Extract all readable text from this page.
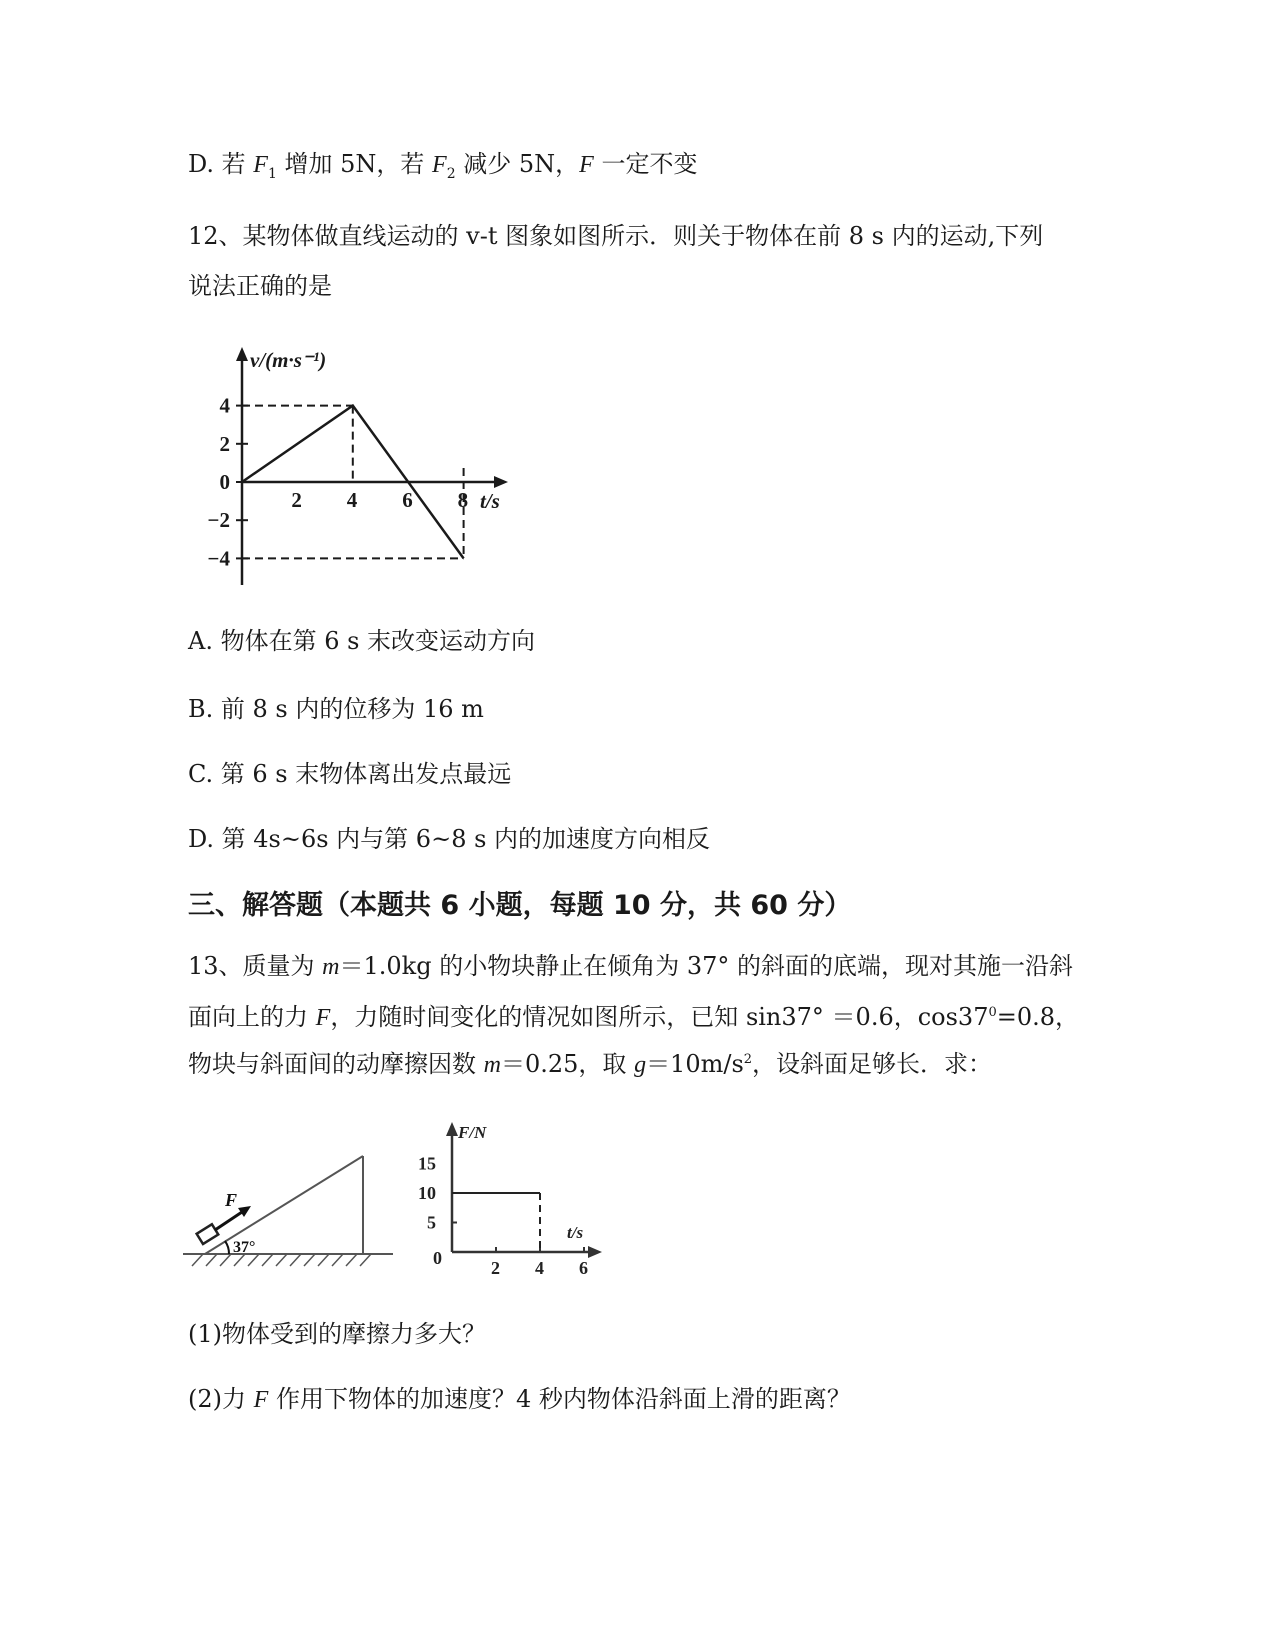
D. 若 $F_1$ 增加 5N，若 $F_2$ 减少 5N，F 一定不变
12、某物体做直线运动的 v-t 图象如图所示．则关于物体在前 8 s 内的运动,下列
说法正确的是
2 4 6 8
4
2
0
−2
−4
v/(m·s⁻¹)
t/s
A. 物体在第 6 s 末改变运动方向
B. 前 8 s 内的位移为 16 m
C. 第 6 s 末物体离出发点最远
D. 第 4s~6s 内与第 6~8 s 内的加速度方向相反
三、解答题（本题共 6 小题，每题 10 分，共 60 分）
13、质量为 m＝1.0kg 的小物块静止在倾角为 37° 的斜面的底端，现对其施一沿斜
面向上的力 F，力随时间变化的情况如图所示，已知 sin37° ＝0.6，$\cos 37^0=0.8$，
物块与斜面间的动摩擦因数 m＝0.25，取 $g=10m/s^2$，设斜面足够长．求：
F
37°
15
10
5
0	2 4 6
F/N
t/s
(1)物体受到的摩擦力多大？
(2)力 F 作用下物体的加速度？4 秒内物体沿斜面上滑的距离？
